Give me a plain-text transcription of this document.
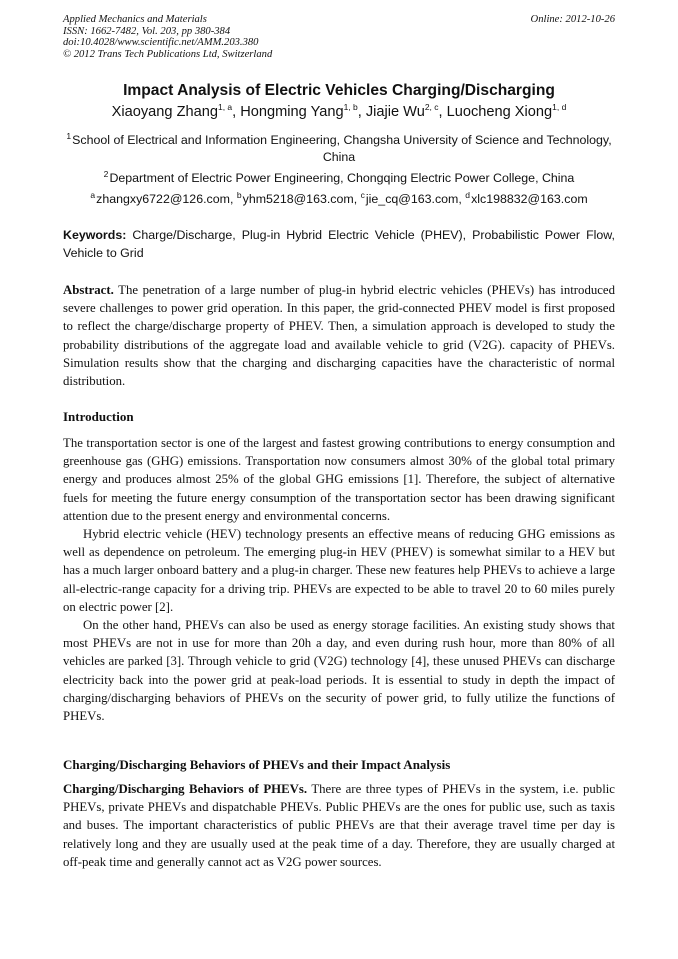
Applied Mechanics and Materials
ISSN: 1662-7482, Vol. 203, pp 380-384
doi:10.4028/www.scientific.net/AMM.203.380
© 2012 Trans Tech Publications Ltd, Switzerland
Online: 2012-10-26
Impact Analysis of Electric Vehicles Charging/Discharging
Xiaoyang Zhang$^{1, a}$, Hongming Yang$^{1, b}$, Jiajie Wu$^{2, c}$, Luocheng Xiong$^{1, d}$
$^1$ School of Electrical and Information Engineering, Changsha University of Science and Technology, China
$^2$ Department of Electric Power Engineering, Chongqing Electric Power College, China
$^a$ zhangxy6722@126.com, $^b$ yhm5218@163.com, $^c$ jie_cq@163.com, $^d$ xlc198832@163.com
Keywords: Charge/Discharge, Plug-in Hybrid Electric Vehicle (PHEV), Probabilistic Power Flow, Vehicle to Grid

Abstract. The penetration of a large number of plug-in hybrid electric vehicles (PHEVs) has introduced severe challenges to power grid operation. In this paper, the grid-connected PHEV model is first proposed to reflect the charge/discharge property of PHEV. Then, a simulation approach is developed to study the probability distributions of the aggregate load and available vehicle to grid (V2G). capacity of PHEVs. Simulation results show that the charging and discharging capacities have the characteristic of normal distribution.

Introduction

The transportation sector is one of the largest and fastest growing contributions to energy consumption and greenhouse gas (GHG) emissions. Transportation now consumers almost 30% of the global total primary energy and produces almost 25% of the global GHG emissions [1]. Therefore, the subject of alternative fuels for meeting the future energy consumption of the transportation sector has been drawing significant attention due to the present energy and environmental concerns.

Hybrid electric vehicle (HEV) technology presents an effective means of reducing GHG emissions as well as dependence on petroleum. The emerging plug-in HEV (PHEV) is somewhat similar to a HEV but has a much larger onboard battery and a plug-in charger. These new features help PHEVs to achieve a large all-electric-range capacity for a driving trip. PHEVs are expected to be able to travel 20 to 60 miles purely on electric power [2].

On the other hand, PHEVs can also be used as energy storage facilities. An existing study shows that most PHEVs are not in use for more than 20h a day, and even during rush hour, more than 80% of all vehicles are parked [3]. Through vehicle to grid (V2G) technology [4], these unused PHEVs can discharge electricity back into the power grid at peak-load periods. It is essential to study in depth the impact of charging/discharging behaviors of PHEVs on the security of power grid, to fully utilize the functions of PHEVs.

Charging/Discharging Behaviors of PHEVs and their Impact Analysis

Charging/Discharging Behaviors of PHEVs. There are three types of PHEVs in the system, i.e. public PHEVs, private PHEVs and dispatchable PHEVs. Public PHEVs are the ones for public use, such as taxis and buses. The important characteristics of public PHEVs are that their average travel time per day is relatively long and they are usually used at the peak time of a day. Therefore, they are usually charged at off-peak time and generally cannot act as V2G power sources.
